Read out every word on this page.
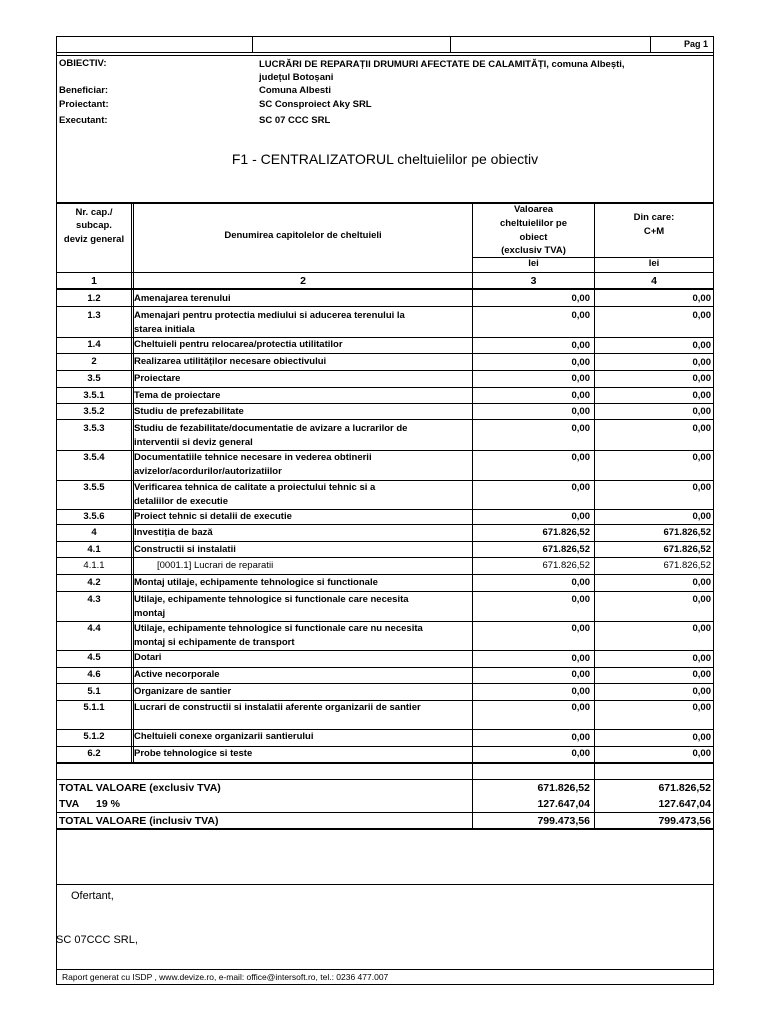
Pag 1
OBIECTIV:	LUCRĂRI DE REPARAȚII DRUMURI AFECTATE DE CALAMITĂȚI, comuna Albești,
județul Botoșani
Beneficiar:	Comuna Albesti
Proiectant:	SC Consproiect Aky SRL
Executant:	SC 07 CCC SRL
F1 - CENTRALIZATORUL cheltuielilor pe obiectiv
Nr. cap./
subcap.
deviz general	Denumirea capitolelor de cheltuieli
Valoarea
cheltuielilor pe
obiect
(exclusiv TVA)
Din care:
C+M
lei	lei
1	2	3	4
1.2	Amenajarea terenului	0,00	0,00
1.3	Amenajari pentru protectia mediului si aducerea terenului la starea initiala
0,00	0,00
1.4	Cheltuieli pentru relocarea/protectia utilitatilor	0,00	0,00
2	Realizarea utilităților necesare obiectivului	0,00	0,00
3.5	Proiectare	0,00	0,00
3.5.1	Tema de proiectare	0,00	0,00
3.5.2	Studiu de prefezabilitate	0,00	0,00
3.5.3	Studiu de fezabilitate/documentatie de avizare a lucrarilor de interventii si deviz general
0,00	0,00
3.5.4	Documentatiile tehnice necesare in vederea obtinerii avizelor/acordurilor/autorizatiilor
0,00	0,00
3.5.5	Verificarea tehnica de calitate a proiectului tehnic si a detaliilor de executie
0,00	0,00
3.5.6	Proiect tehnic si detalii de executie	0,00	0,00
4	Investiția de bază	671.826,52	671.826,52
4.1	Constructii si instalatii	671.826,52	671.826,52
4.1.1	[0001.1] Lucrari de reparatii	671.826,52	671.826,52
4.2	Montaj utilaje, echipamente tehnologice si functionale	0,00	0,00
4.3	Utilaje, echipamente tehnologice si functionale care necesita montaj
0,00	0,00
4.4	Utilaje, echipamente tehnologice si functionale care nu necesita montaj si echipamente de transport
0,00	0,00
4.5	Dotari	0,00	0,00
4.6	Active necorporale	0,00	0,00
5.1	Organizare de santier	0,00	0,00
5.1.1	Lucrari de constructii si instalatii aferente organizarii de santier	0,00	0,00
5.1.2	Cheltuieli conexe organizarii santierului	0,00	0,00
6.2	Probe tehnologice si teste	0,00	0,00
TOTAL VALOARE (exclusiv TVA)	671.826,52	671.826,52
TVA 19 %	127.647,04	127.647,04
TOTAL VALOARE (inclusiv TVA)	799.473,56	799.473,56
Ofertant,
SC 07CCC SRL,
Raport generat cu ISDP , www.devize.ro, e-mail: office@intersoft.ro, tel.: 0236 477.007
